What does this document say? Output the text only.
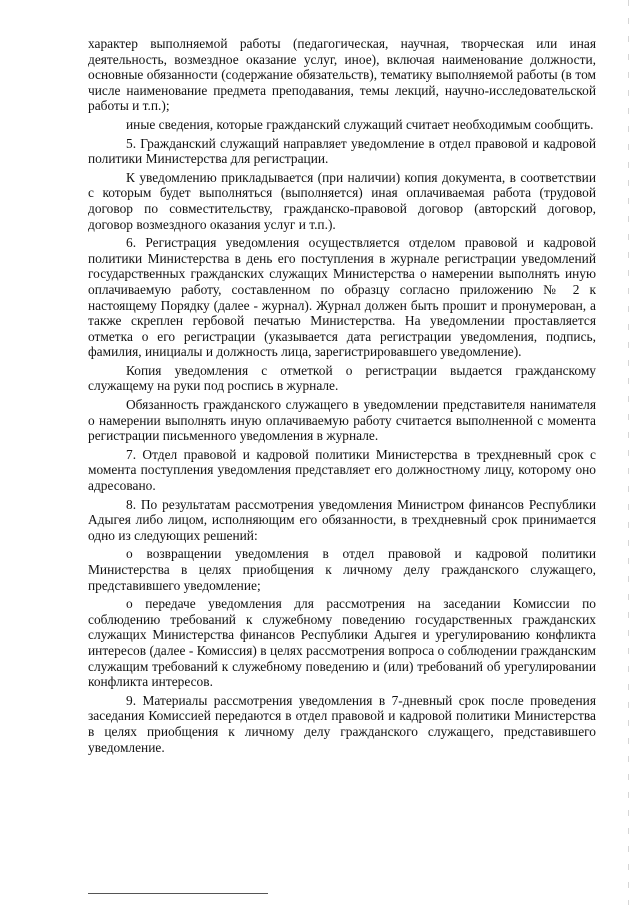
характер выполняемой работы (педагогическая, научная, творческая или иная деятельность, возмездное оказание услуг, иное), включая наименование должности, основные обязанности (содержание обязательств), тематику выполняемой работы (в том числе наименование предмета преподавания, темы лекций, научно-исследовательской работы и т.п.);

иные сведения, которые гражданский служащий считает необходимым сообщить.

5. Гражданский служащий направляет уведомление в отдел правовой и кадровой политики Министерства для регистрации.

К уведомлению прикладывается (при наличии) копия документа, в соответствии с которым будет выполняться (выполняется) иная оплачиваемая работа (трудовой договор по совместительству, гражданско-правовой договор (авторский договор, договор возмездного оказания услуг и т.п.).

6. Регистрация уведомления осуществляется отделом правовой и кадровой политики Министерства в день его поступления в журнале регистрации уведомлений государственных гражданских служащих Министерства о намерении выполнять иную оплачиваемую работу, составленном по образцу согласно приложению № 2 к настоящему Порядку (далее - журнал). Журнал должен быть прошит и пронумерован, а также скреплен гербовой печатью Министерства. На уведомлении проставляется отметка о его регистрации (указывается дата регистрации уведомления, подпись, фамилия, инициалы и должность лица, зарегистрировавшего уведомление).

Копия уведомления с отметкой о регистрации выдается гражданскому служащему на руки под роспись в журнале.

Обязанность гражданского служащего в уведомлении представителя нанимателя о намерении выполнять иную оплачиваемую работу считается выполненной с момента регистрации письменного уведомления в журнале.

7. Отдел правовой и кадровой политики Министерства в трехдневный срок с момента поступления уведомления представляет его должностному лицу, которому оно адресовано.

8. По результатам рассмотрения уведомления Министром финансов Республики Адыгея либо лицом, исполняющим его обязанности, в трехдневный срок принимается одно из следующих решений:

о возвращении уведомления в отдел правовой и кадровой политики Министерства в целях приобщения к личному делу гражданского служащего, представившего уведомление;

о передаче уведомления для рассмотрения на заседании Комиссии по соблюдению требований к служебному поведению государственных гражданских служащих Министерства финансов Республики Адыгея и урегулированию конфликта интересов (далее - Комиссия) в целях рассмотрения вопроса о соблюдении гражданским служащим требований к служебному поведению и (или) требований об урегулировании конфликта интересов.

9. Материалы рассмотрения уведомления в 7-дневный срок после проведения заседания Комиссией передаются в отдел правовой и кадровой политики Министерства в целях приобщения к личному делу гражданского служащего, представившего уведомление.
